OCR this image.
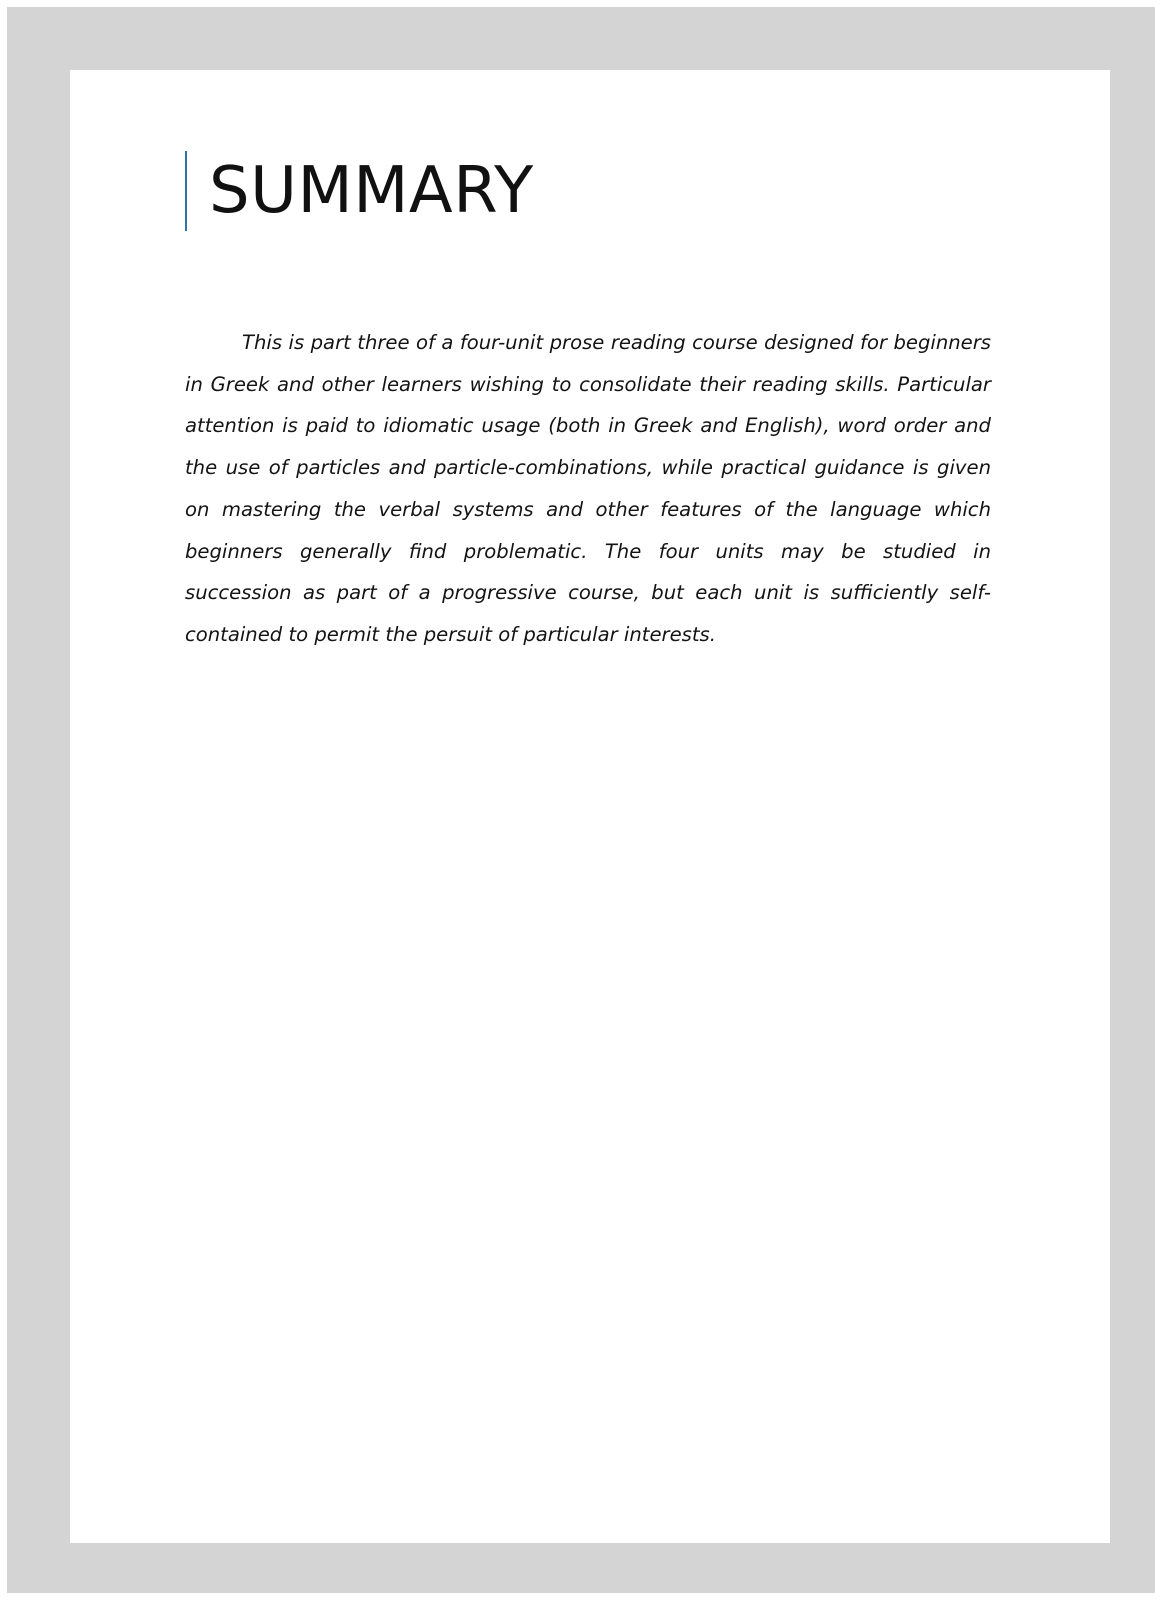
SUMMARY

This is part three of a four-unit prose reading course designed for beginners in Greek and other learners wishing to consolidate their reading skills. Particular attention is paid to idiomatic usage (both in Greek and English), word order and the use of particles and particle-combinations, while practical guidance is given on mastering the verbal systems and other features of the language which beginners generally find problematic. The four units may be studied in succession as part of a progressive course, but each unit is sufficiently self-contained to permit the persuit of particular interests.
